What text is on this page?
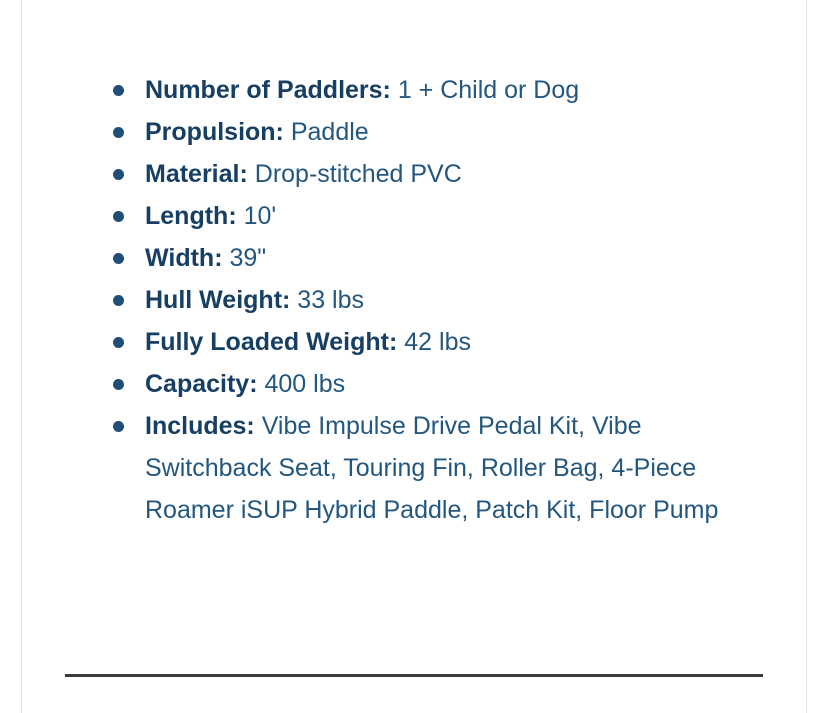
Number of Paddlers: 1 + Child or Dog
Propulsion: Paddle
Material: Drop-stitched PVC
Length: 10'
Width: 39"
Hull Weight: 33 lbs
Fully Loaded Weight: 42 lbs
Capacity: 400 lbs
Includes: Vibe Impulse Drive Pedal Kit, Vibe Switchback Seat, Touring Fin, Roller Bag, 4-Piece Roamer iSUP Hybrid Paddle, Patch Kit, Floor Pump
